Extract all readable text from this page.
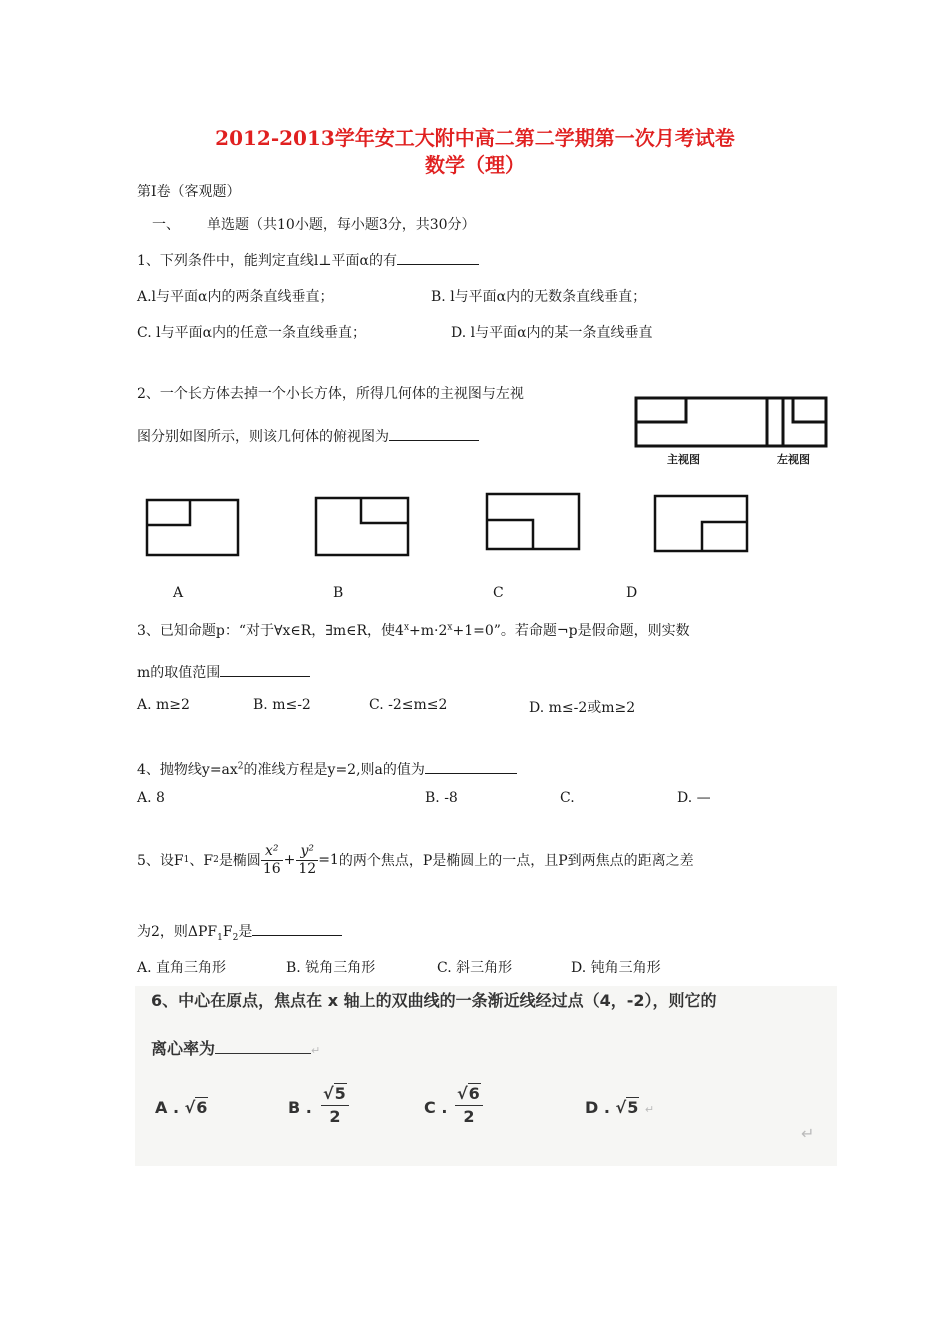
2012-2013学年安工大附中高二第二学期第一次月考试卷
数学（理）
第Ⅰ卷（客观题）
一、 单选题（共10小题，每小题3分，共30分）
1、下列条件中，能判定直线l⊥平面α的有
A.l与平面α内的两条直线垂直；	B. l与平面α内的无数条直线垂直；
C. l与平面α内的任意一条直线垂直；	D. l与平面α内的某一条直线垂直
2、一个长方体去掉一个小长方体，所得几何体的主视图与左视
图分别如图所示，则该几何体的俯视图为
主视图	左视图
A	B	C	D
3、已知命题p：“对于∀x∈R，∃m∈R，使$4^x+m\cdot 2^x+1=0$”。若命题¬p是假命题，则实数
m的取值范围
A. m≥2	B. m≤-2	C. -2≤m≤2	D. m≤-2或m≥2
4、抛物线$y=ax^2$的准线方程是y=2,则a的值为
A. 8	B. -8	C.	D. —
5、设F 1 、F 2 是椭圆 $\frac{\text{x²}}{16} + \frac{\text{y²}}{12} =1$ 的两个焦点，P是椭圆上的一点，且P到两焦点的距离之差
为2，则$\Delta PF_1F_2$是
A. 直角三角形	B. 锐角三角形	C. 斜三角形	D. 钝角三角形
6、中心在原点，焦点在 x 轴上的双曲线的一条渐近线经过点（4，-2），则它的
离心率为	↵
A . √6	B .
√5
2	C .
√6
2	D . √5 ↵
↵
